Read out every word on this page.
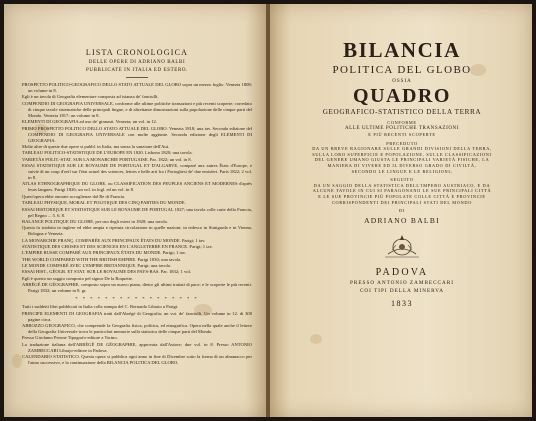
LISTA CRONOLOGICA

DELLE OPERE DI ADRIANO BALBI

PUBBLICATE IN ITALIA ED ESTERO.

PROSPETTO POLITICO-GEOGRAFICO DELLO STATO ATTUALE DEL GLOBO sopra un mezzo foglio. Venezia 1808; un volume in 8.

Egli è un tavola di Geografia elementare composta ad istanza de' fanciulli.

COMPENDIO DI GEOGRAFIA UNIVERSALE, conforme alle ultime politiche transazioni e più recenti scoperte; corredato di cinque tavole sistematiche delle principali lingue, e di altrettante dimostrazioni sulla popolazione delle cinque parti del Mondo. Venezia 1817; un volume in 8.

ELEMENTI DI GEOGRAFIA ad uso de' ginnasii. Venezia; un vol. in 12.

PRIMO PROSPETTO POLITICO DELLO STATO ATTUALE DEL GLOBO. Venezia 1818; una tav. Seconda edizione del COMPENDIO DI GEOGRAFIA UNIVERSALE con molte aggiunte. Seconda edizione degli ELEMENTI DI GEOGRAFIA.

Molte altre di queste due opere si pubbl. in Italia, ma senza la sanzione dell'Aut.

TABLEAU POLITICO-STATISTIQUE DE L'EUROPE EN 1820. Lisbona 1820; una tavola.

VARIETÀS POLIT.-STAT. SUR LA MONARCHIE PORTUGAISE. Par. 1822; un vol. in 8.

ESSAI STATISTIQUE SUR LE ROYAUME DE PORTUGAL ET D'ALGARVE, comparé aux autres États d'Europe, e suivie di un coup d'oeil sur l'état actuel des sciences, lettres e belle arti fra i Portoghesi de' due emisferi. Paris 1822; 2 vol. in 8.

ATLAS ETHNOGRAPHIQUE DU GLOBE, ou CLASSIFICATION DES PEUPLES ANCIENS ET MODERNES d'après leurs langues. Parigi 1826; un vol. in fogl. ed un vol. in 8.

Quest'opera ebbe onorate accoglienze dal Re di Francia.

TABLEAU PHYSIQUE, MORAL ET POLITIQUE DES CINQ PARTIES DU MONDE.

ESSAI HISTORIQUE ET STATISTIQUE SUR LE ROYAUME DE PORTUGAL 1827; una tavola colle carte della Francia, pel Regno ... 5. 6. 8.

BALANCE POLITIQUE DU GLOBE, per uso degli esteri in 1828; una tavola.

Questa fu tradotta in inglese ed ebbe ampia e ripetuta circolazione in quelle nazioni; in tedesco in Stuttgarda e in Vienna, Bologna e Venezia.

LA MONARCHIE FRANÇ. COMPARÉE AUX PRINCIPAUX ÉTATS DU MONDE. Parigi; 1 tav.

STATISTIQUE DES CHOSES ET DES SCIENCES EN L'ANGLETERRE EN FRANCE. Parigi; 1 tav.

L'EMPIRE RUSSE COMPARÉ AUX PRINCIPAUX ÉTATS DU MONDE. Parigi; 1 tav.

THE WORLD COMPARED WITH THE BRITISH EMPIRE. Parigi 1830; una tavola.

LE MONDE COMPARÉ AVEC L'EMPIRE BRITANNIQUE. Parigi; una tavola.

ESSAI HIST., GÉOGR. ET STAT. SUR LE ROYAUME DES PAYS-BAS. Par. 1832; 1 vol.

Egli è questo un saggio composto pel signor De la Roquette.

ABRÉGÉ DE GÉOGRAPHIE, composto sopra un nuovo piano, dietro gli ultimi trattati di pace; e le scoperte le più recenti. Parigi 1832; un volume in 8. gr.

* * * * * * * * * * * * * * * * *

Tutti i suddetti libri pubblicati in Italia colla stampa del C. Bernardo Libraio a Parigi.

PRINCIPII ELEMENTI DI GEOGRAFIA tratti dall'Abrégé di Geografia; un voi. de' fanciulli. Un volume in 12. di 300 pagine circa.

ABBOZZO GEOGRAFICO, che comprende la Geografia fisica, politica, ed etnografica. Opera nella quale anche il lettore della Geografia Universale trova le particolari memorie sulla statistica delle cinque parti del Mondo.

Presso Girolamo Perone Tipografo-editore a Torino.

La traduzione italiana dell'ABRÉGÉ DE GÉOGRAPHIE, approvata dall'Autore; due vol. in 8. Presso ANTONIO ZAMBECCARI Librajo-editore in Padova.

CALENDARIO STATISTICO. Questa opera si pubblica ogni anno in fine di Dicembre sotto la forma di un almanacco per l'anno successivo, e la continuazione della BILANCIA POLITICA DEL GLOBO.

BILANCIA

POLITICA DEL GLOBO

OSSIA

QUADRO

GEOGRAFICO-STATISTICO DELLA TERRA

CONFORME

ALLE ULTIME POLITICHE TRANSAZIONI

E PIÙ RECENTI SCOPERTE

PRECEDUTO

DA UN BREVE RAGIONARE SULLE GRANDI DIVISIONI DELLA TERRA,

SULLA LORO SUPERFICIE E POPOLAZIONE, SULLE CLASSIFICAZIONI

DEL GENERE UMANO GIUSTA LE PRINCIPALI VARIETÀ FISICHE, LA

MANIERA DI VIVERE ED IL DIVERSO GRADO DI CIVILTÀ,

SECONDO LE LINGUE E LE RELIGIONI;

SEGUITO

DA UN SAGGIO DELLA STATISTICA DELL'IMPERO AUSTRIACO, E DA

ALCUNE TAVOLE IN CUI SI PARAGONANO LE SUE PRINCIPALI CITTÀ

E LE SUE PROVINCIE PIÙ POPOLATE COLLE CITTÀ E PROVINCIE

CORRISPONDENTI DEI PRINCIPALI STATI DEL MONDO

DI

ADRIANO BALBI

PADOVA

PRESSO ANTONIO ZAMBECCARI

COI TIPI DELLA MINERVA

1833
